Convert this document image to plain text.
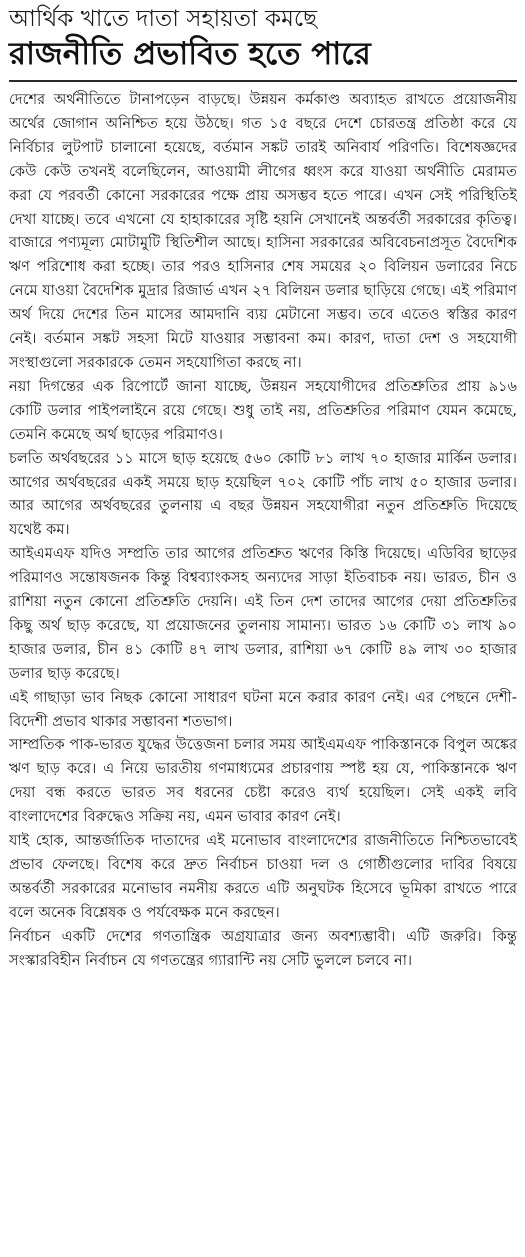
আর্থিক খাতে দাতা সহায়তা কমছে
রাজনীতি প্রভাবিত হতে পারে

দেশের অর্থনীতিতে টানাপড়েন বাড়ছে। উন্নয়ন কর্মকাণ্ড অব্যাহত রাখতে প্রয়োজনীয় অর্থের জোগান অনিশ্চিত হয়ে উঠছে। গত ১৫ বছরে দেশে চোরতন্ত্র প্রতিষ্ঠা করে যে নির্বিচার লুটপাট চালানো হয়েছে, বর্তমান সঙ্কট তারই অনিবার্য পরিণতি। বিশেষজ্ঞদের কেউ কেউ তখনই বলেছিলেন, আওয়ামী লীগের ধ্বংস করে যাওয়া অর্থনীতি মেরামত করা যে পরবর্তী কোনো সরকারের পক্ষে প্রায় অসম্ভব হতে পারে। এখন সেই পরিস্থিতিই দেখা যাচ্ছে। তবে এখনো যে হাহাকারের সৃষ্টি হয়নি সেখানেই অন্তর্বর্তী সরকারের কৃতিত্ব। বাজারে পণ্যমূল্য মোটামুটি স্থিতিশীল আছে। হাসিনা সরকারের অবিবেচনাপ্রসূত বৈদেশিক ঋণ পরিশোধ করা হচ্ছে। তার পরও হাসিনার শেষ সময়ের ২০ বিলিয়ন ডলারের নিচে নেমে যাওয়া বৈদেশিক মুদ্রার রিজার্ভ এখন ২৭ বিলিয়ন ডলার ছাড়িয়ে গেছে। এই পরিমাণ অর্থ দিয়ে দেশের তিন মাসের আমদানি ব্যয় মেটানো সম্ভব। তবে এতেও স্বস্তির কারণ নেই। বর্তমান সঙ্কট সহসা মিটে যাওয়ার সম্ভাবনা কম। কারণ, দাতা দেশ ও সহযোগী সংস্থাগুলো সরকারকে তেমন সহযোগিতা করছে না।

নয়া দিগন্তের এক রিপোর্টে জানা যাচ্ছে, উন্নয়ন সহযোগীদের প্রতিশ্রুতির প্রায় ৯১৬ কোটি ডলার পাইপলাইনে রয়ে গেছে। শুধু তাই নয়, প্রতিশ্রুতির পরিমাণ যেমন কমেছে, তেমনি কমেছে অর্থ ছাড়ের পরিমাণও।

চলতি অর্থবছরের ১১ মাসে ছাড় হয়েছে ৫৬০ কোটি ৮১ লাখ ৭০ হাজার মার্কিন ডলার। আগের অর্থবছরের একই সময়ে ছাড় হয়েছিল ৭০২ কোটি পাঁচ লাখ ৫০ হাজার ডলার। আর আগের অর্থবছরের তুলনায় এ বছর উন্নয়ন সহযোগীরা নতুন প্রতিশ্রুতি দিয়েছে যথেষ্ট কম।

আইএমএফ যদিও সম্প্রতি তার আগের প্রতিশ্রুত ঋণের কিস্তি দিয়েছে। এডিবির ছাড়ের পরিমাণও সন্তোষজনক কিন্তু বিশ্বব্যাংকসহ অন্যদের সাড়া ইতিবাচক নয়। ভারত, চীন ও রাশিয়া নতুন কোনো প্রতিশ্রুতি দেয়নি। এই তিন দেশ তাদের আগের দেয়া প্রতিশ্রুতির কিছু অর্থ ছাড় করেছে, যা প্রয়োজনের তুলনায় সামান্য। ভারত ১৬ কোটি ৩১ লাখ ৯০ হাজার ডলার, চীন ৪১ কোটি ৪৭ লাখ ডলার, রাশিয়া ৬৭ কোটি ৪৯ লাখ ৩০ হাজার ডলার ছাড় করেছে।

এই গাছাড়া ভাব নিছক কোনো সাধারণ ঘটনা মনে করার কারণ নেই। এর পেছনে দেশী-বিদেশী প্রভাব থাকার সম্ভাবনা শতভাগ।

সাম্প্রতিক পাক-ভারত যুদ্ধের উত্তেজনা চলার সময় আইএমএফ পাকিস্তানকে বিপুল অঙ্কের ঋণ ছাড় করে। এ নিয়ে ভারতীয় গণমাধ্যমের প্রচারণায় স্পষ্ট হয় যে, পাকিস্তানকে ঋণ দেয়া বন্ধ করতে ভারত সব ধরনের চেষ্টা করেও ব্যর্থ হয়েছিল। সেই একই লবি বাংলাদেশের বিরুদ্ধেও সক্রিয় নয়, এমন ভাবার কারণ নেই।

যাই হোক, আন্তর্জাতিক দাতাদের এই মনোভাব বাংলাদেশের রাজনীতিতে নিশ্চিতভাবেই প্রভাব ফেলছে। বিশেষ করে দ্রুত নির্বাচন চাওয়া দল ও গোষ্ঠীগুলোর দাবির বিষয়ে অন্তর্বর্তী সরকারের মনোভাব নমনীয় করতে এটি অনুঘটক হিসেবে ভূমিকা রাখতে পারে বলে অনেক বিশ্লেষক ও পর্যবেক্ষক মনে করছেন।

নির্বাচন একটি দেশের গণতান্ত্রিক অগ্রযাত্রার জন্য অবশ্যম্ভাবী। এটি জরুরি। কিন্তু সংস্কারবিহীন নির্বাচন যে গণতন্ত্রের গ্যারান্টি নয় সেটি ভুললে চলবে না।
